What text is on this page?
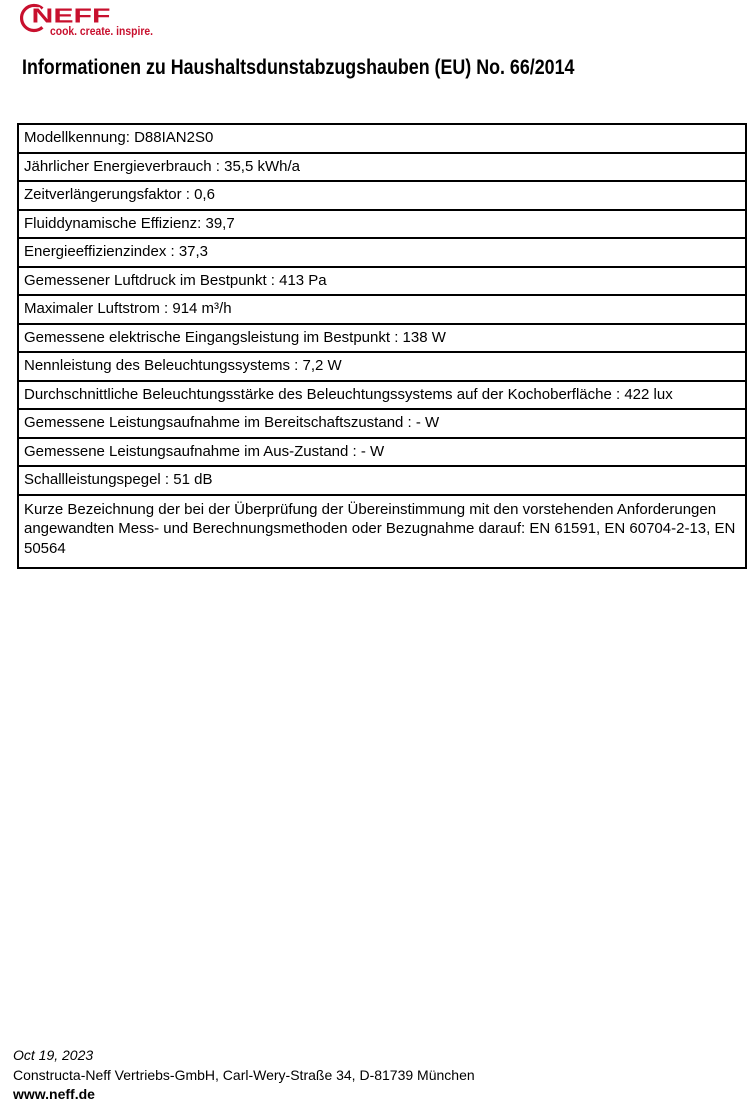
NEFF
cook. create. inspire.
Informationen zu Haushaltsdunstabzugshauben (EU) No. 66/2014
Modellkennung: D88IAN2S0
Jährlicher Energieverbrauch : 35,5 kWh/a
Zeitverlängerungsfaktor : 0,6
Fluiddynamische Effizienz: 39,7
Energieeffizienzindex : 37,3
Gemessener Luftdruck im Bestpunkt : 413 Pa
Maximaler Luftstrom : 914 m³/h
Gemessene elektrische Eingangsleistung im Bestpunkt : 138 W
Nennleistung des Beleuchtungssystems : 7,2 W
Durchschnittliche Beleuchtungsstärke des Beleuchtungssystems auf der Kochoberfläche : 422 lux
Gemessene Leistungsaufnahme im Bereitschaftszustand : - W
Gemessene Leistungsaufnahme im Aus-Zustand : - W
Schallleistungspegel : 51 dB
Kurze Bezeichnung der bei der Überprüfung der Übereinstimmung mit den vorstehenden Anforderungen angewandten Mess- und Berechnungsmethoden oder Bezugnahme darauf: EN 61591, EN 60704-2-13, EN 50564
Oct 19, 2023
Constructa-Neff Vertriebs-GmbH, Carl-Wery-Straße 34, D-81739 München
www.neff.de
